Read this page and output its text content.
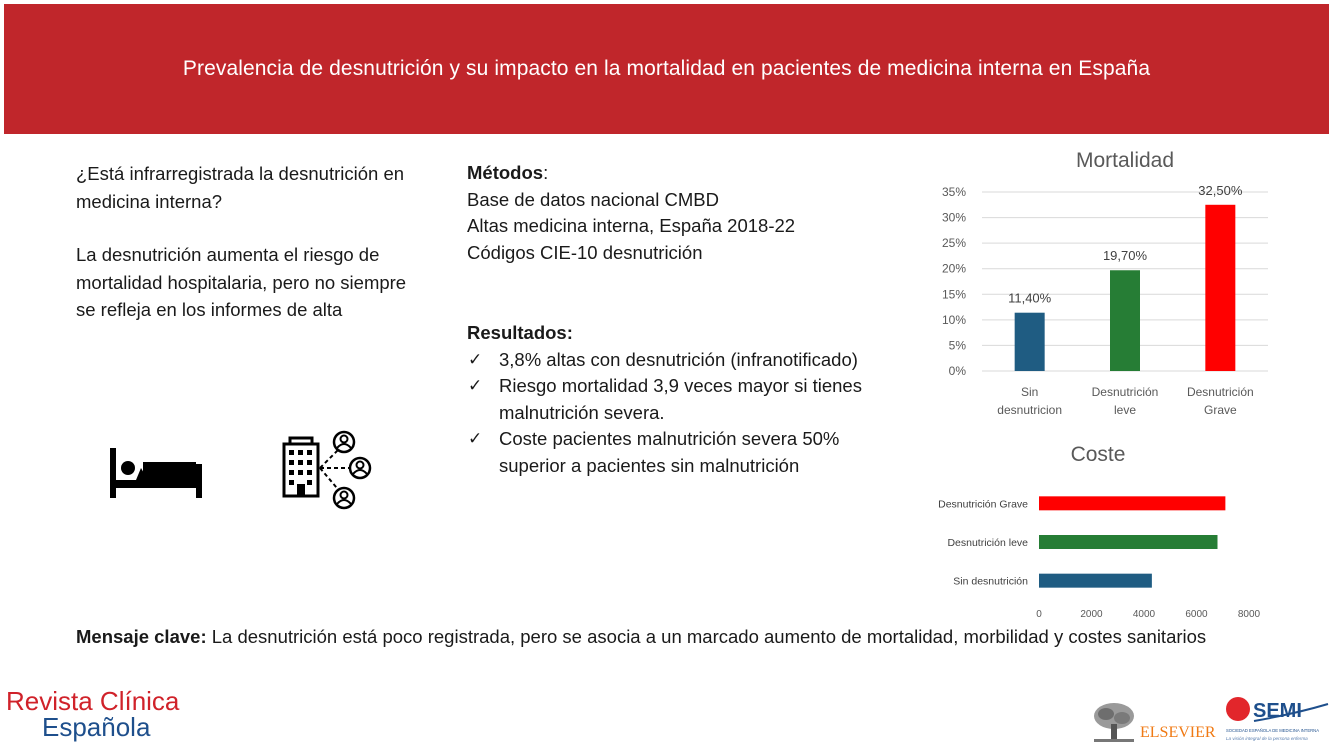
Prevalencia de desnutrición y su impacto en la mortalidad en pacientes de medicina interna en España

¿Está infrarregistrada la desnutrición en medicina interna?

La desnutrición aumenta el riesgo de mortalidad hospitalaria, pero no siempre se refleja en los informes de alta

Métodos:
Base de datos nacional CMBD
Altas medicina interna, España 2018-22
Códigos CIE-10 desnutrición
Resultados:
✓ 3,8% altas con desnutrición (infranotificado)
✓ Riesgo mortalidad 3,9 veces mayor si tienes malnutrición severa.
✓ Coste pacientes malnutrición severa 50% superior a pacientes sin malnutrición
Mortalidad
0%
5%
10%
15%
20%
25%
30%
35%
11,40%
Sin
desnutricion
19,70%
Desnutrición
leve
32,50%
Desnutrición
Grave
Coste
Desnutrición Grave
Desnutrición leve
Sin desnutrición
0	2000	4000	6000	8000
Mensaje clave: La desnutrición está poco registrada, pero se asocia a un marcado aumento de mortalidad, morbilidad y costes sanitarios
Revista Clínica
Española	ELSEVIER
SEMI
SOCIEDAD ESPAÑOLA DE MEDICINA INTERNA
La visión integral de la persona enferma
